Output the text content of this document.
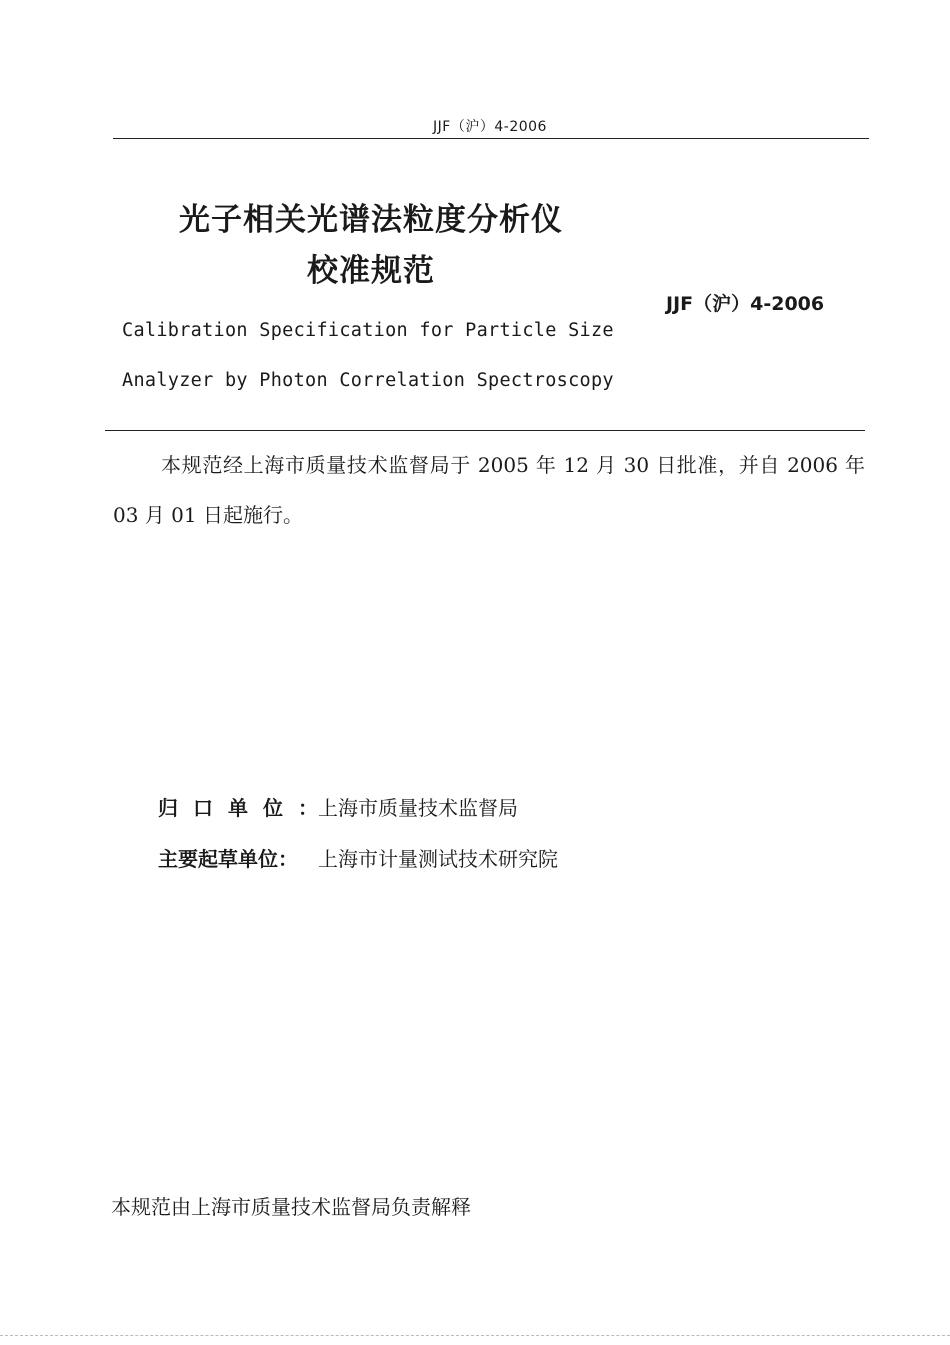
JJF（沪）4-2006
光子相关光谱法粒度分析仪
校准规范
JJF（沪）4-2006
Calibration Specification for Particle Size
Analyzer by Photon Correlation Spectroscopy
本规范经上海市质量技术监督局于 2005 年 12 月 30 日批准，并自 2006 年 03 月 01 日起施行。
归口单位：上海市质量技术监督局
主要起草单位： 上海市计量测试技术研究院
本规范由上海市质量技术监督局负责解释
